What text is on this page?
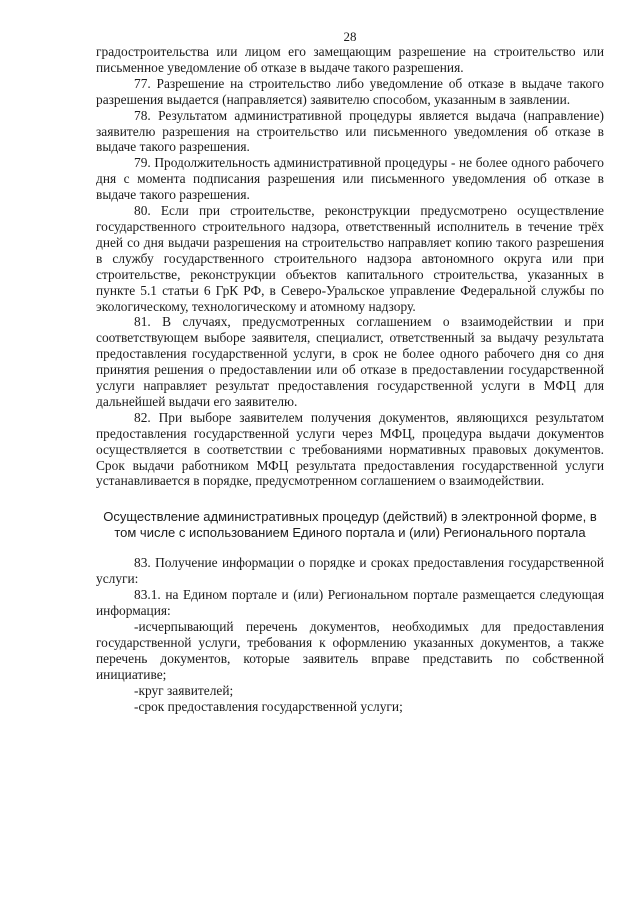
28

градостроительства или лицом его замещающим разрешение на строительство или письменное уведомление об отказе в выдаче такого разрешения.

77. Разрешение на строительство либо уведомление об отказе в выдаче такого разрешения выдается (направляется) заявителю способом, указанным в заявлении.

78. Результатом административной процедуры является выдача (направление) заявителю разрешения на строительство или письменного уведомления об отказе в выдаче такого разрешения.

79. Продолжительность административной процедуры - не более одного рабочего дня с момента подписания разрешения или письменного уведомления об отказе в выдаче такого разрешения.

80. Если при строительстве, реконструкции предусмотрено осуществление государственного строительного надзора, ответственный исполнитель в течение трёх дней со дня выдачи разрешения на строительство направляет копию такого разрешения в службу государственного строительного надзора автономного округа или при строительстве, реконструкции объектов капитального строительства, указанных в пункте 5.1 статьи 6 ГрК РФ, в Северо-Уральское управление Федеральной службы по экологическому, технологическому и атомному надзору.

81. В случаях, предусмотренных соглашением о взаимодействии и при соответствующем выборе заявителя, специалист, ответственный за выдачу результата предоставления государственной услуги, в срок не более одного рабочего дня со дня принятия решения о предоставлении или об отказе в предоставлении государственной услуги направляет результат предоставления государственной услуги в МФЦ для дальнейшей выдачи его заявителю.

82. При выборе заявителем получения документов, являющихся результатом предоставления государственной услуги через МФЦ, процедура выдачи документов осуществляется в соответствии с требованиями нормативных правовых документов. Срок выдачи работником МФЦ результата предоставления государственной услуги устанавливается в порядке, предусмотренном соглашением о взаимодействии.

Осуществление административных процедур (действий) в электронной форме, в том числе с использованием Единого портала и (или) Регионального портала

83. Получение информации о порядке и сроках предоставления государственной услуги:

83.1. на Едином портале и (или) Региональном портале размещается следующая информация:

-исчерпывающий перечень документов, необходимых для предоставления государственной услуги, требования к оформлению указанных документов, а также перечень документов, которые заявитель вправе представить по собственной инициативе;

-круг заявителей;

-срок предоставления государственной услуги;
